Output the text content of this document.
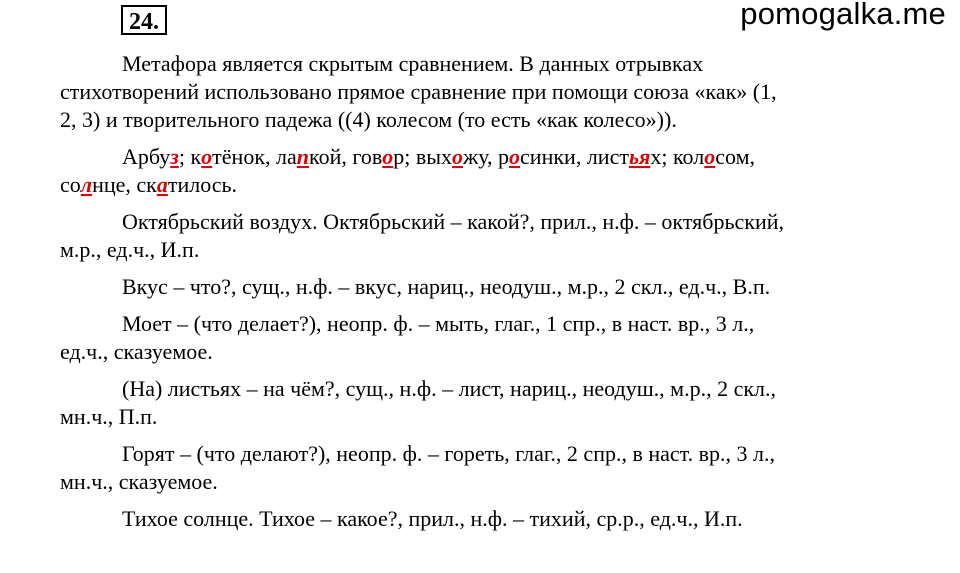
24.	pomogalka.me

Метафора является скрытым сравнением. В данных отрывках
стихотворений использовано прямое сравнение при помощи союза «как» (1,
2, 3) и творительного падежа ((4) колесом (то есть «как колесо»)).

Арбуз; котёнок, лапкой, говор; выхожу, росинки, листьях; колосом,
солнце, скатилось.

Октябрьский воздух. Октябрьский – какой?, прил., н.ф. – октябрьский,
м.р., ед.ч., И.п.

Вкус – что?, сущ., н.ф. – вкус, нариц., неодуш., м.р., 2 скл., ед.ч., В.п.

Моет – (что делает?), неопр. ф. – мыть, глаг., 1 спр., в наст. вр., 3 л.,
ед.ч., сказуемое.

(На) листьях – на чём?, сущ., н.ф. – лист, нариц., неодуш., м.р., 2 скл.,
мн.ч., П.п.

Горят – (что делают?), неопр. ф. – гореть, глаг., 2 спр., в наст. вр., 3 л.,
мн.ч., сказуемое.

Тихое солнце. Тихое – какое?, прил., н.ф. – тихий, ср.р., ед.ч., И.п.
